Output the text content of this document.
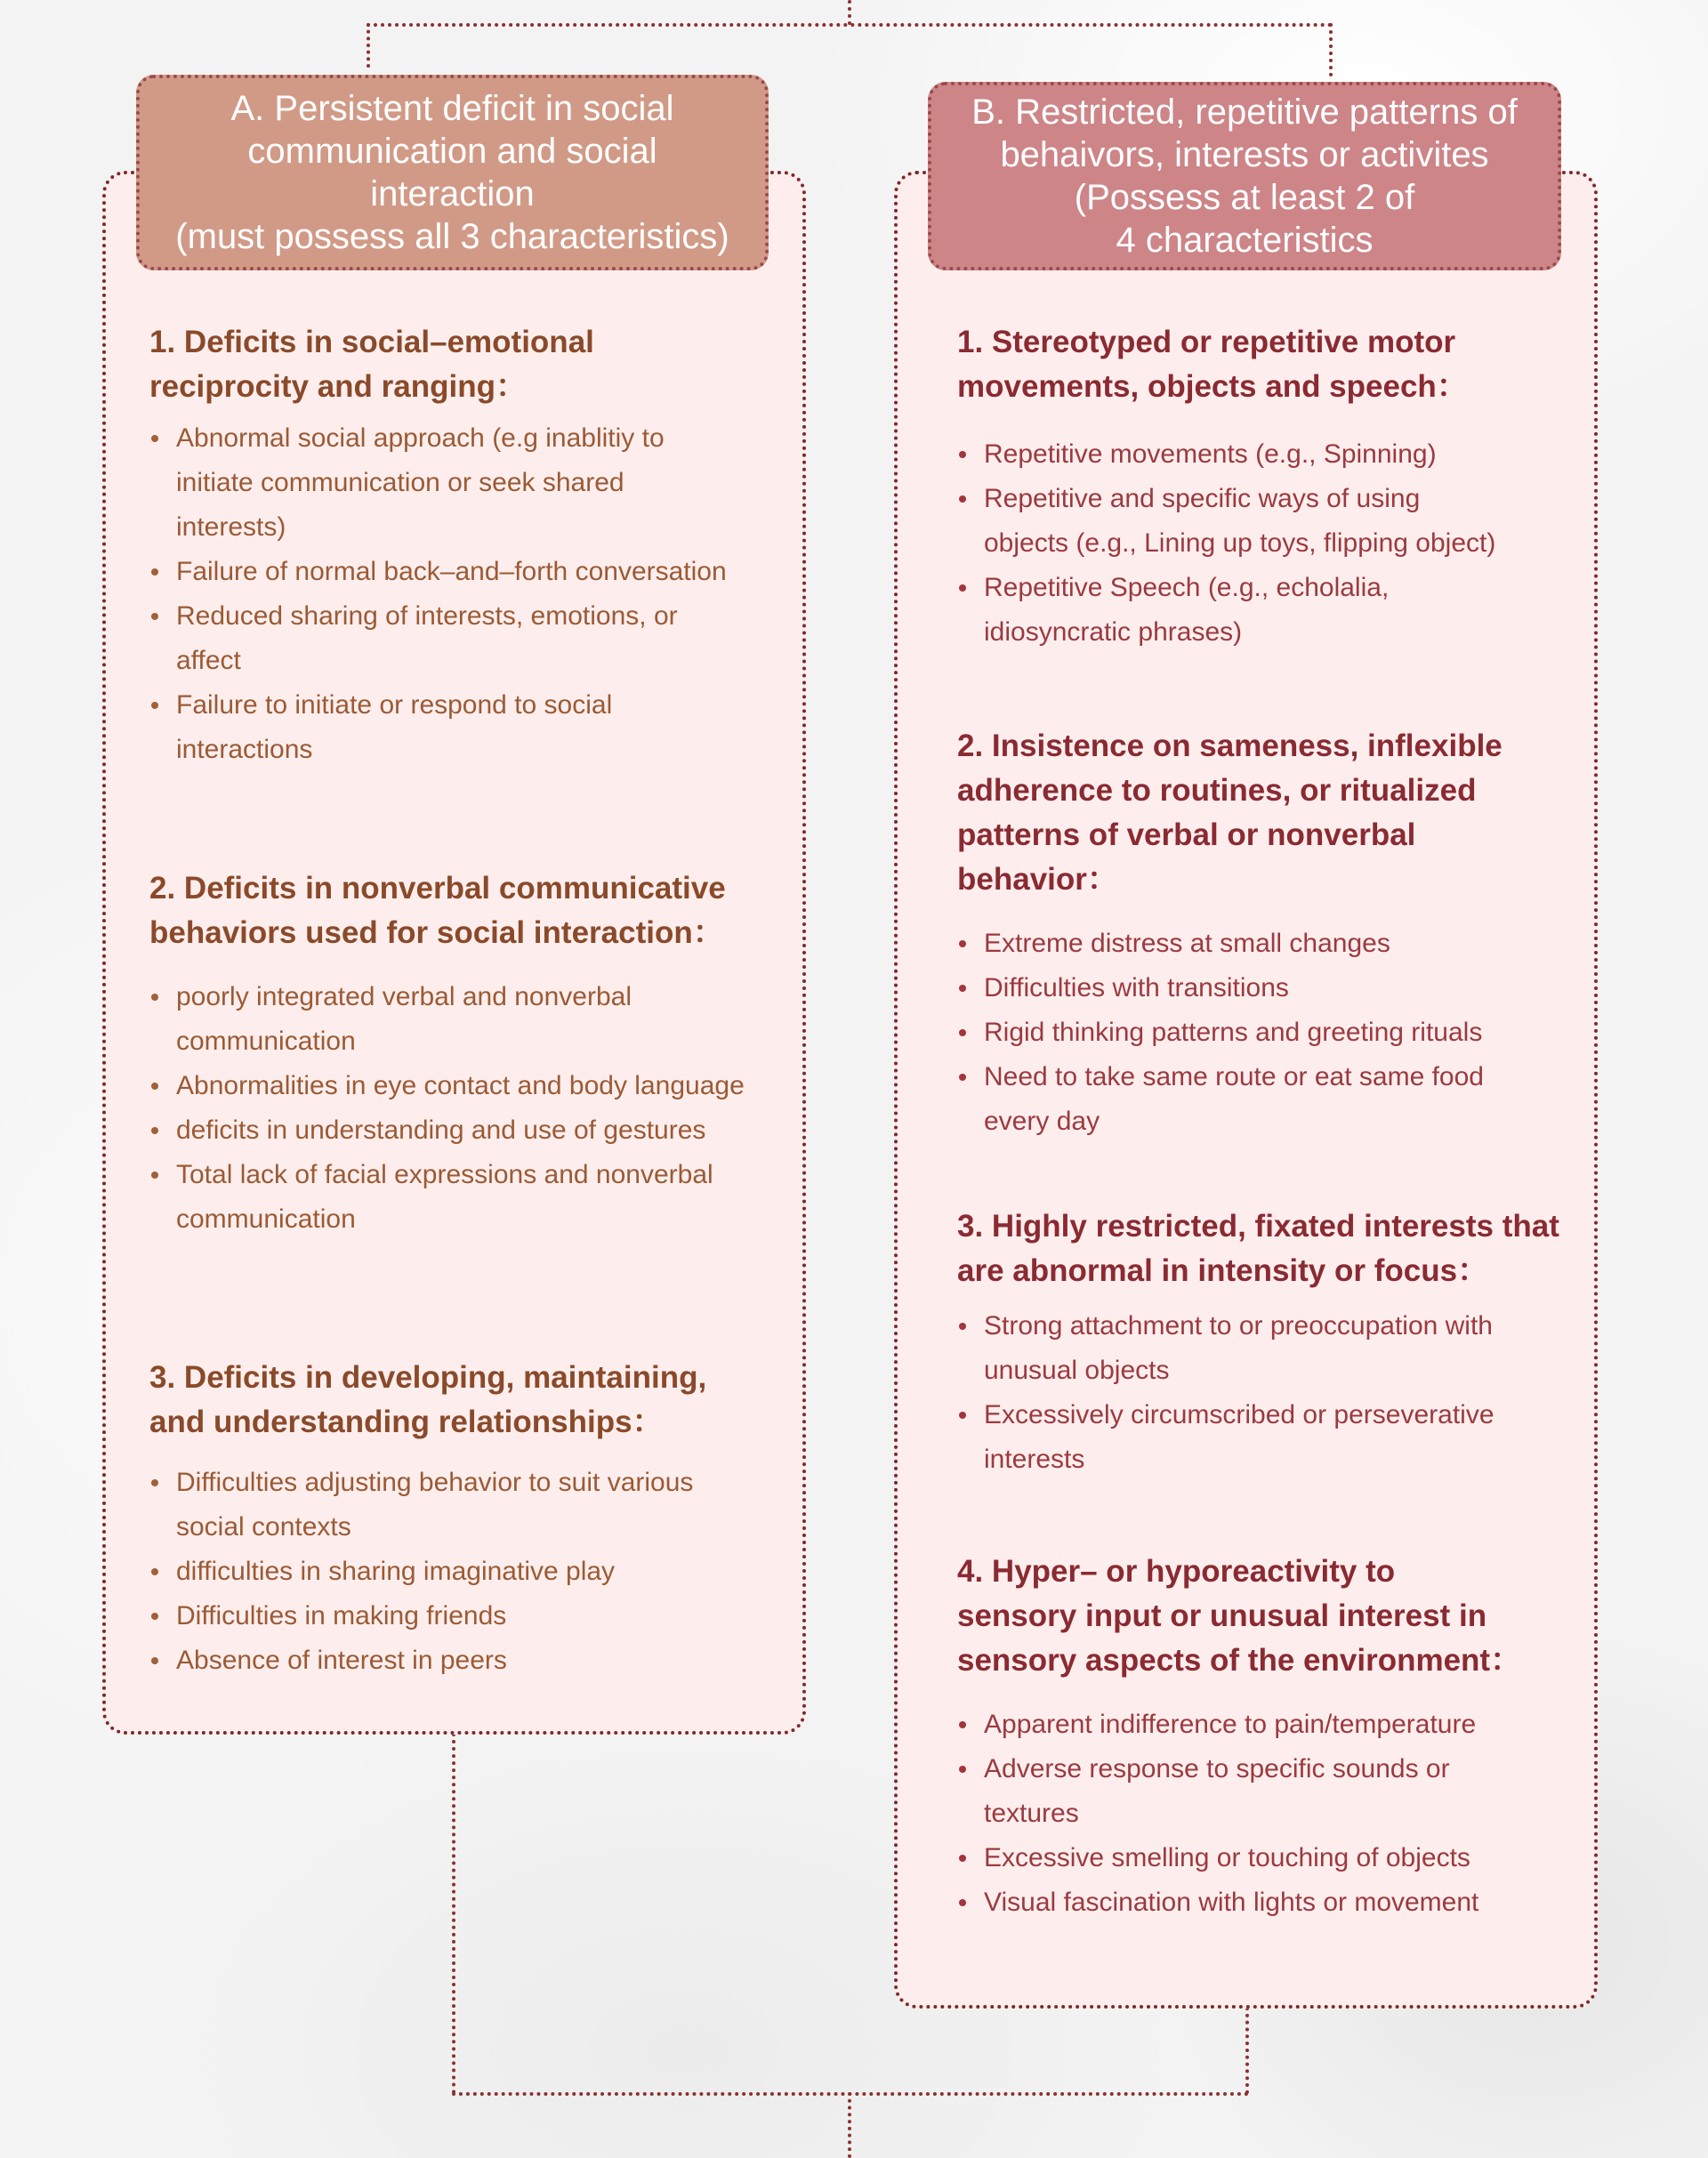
A. Persistent deficit in social
communication and social
interaction
(must possess all 3 characteristics)

1. Deficits in social–emotional
reciprocity and ranging：

Abnormal social approach (e.g inablitiy to
initiate communication or seek shared
interests)
Failure of normal back–and–forth conversation
Reduced sharing of interests, emotions, or
affect
Failure to initiate or respond to social
interactions

2. Deficits in nonverbal communicative
behaviors used for social interaction：

poorly integrated verbal and nonverbal
communication
Abnormalities in eye contact and body language
deficits in understanding and use of gestures
Total lack of facial expressions and nonverbal
communication

3. Deficits in developing, maintaining,
and understanding relationships：

Difficulties adjusting behavior to suit various
social contexts
difficulties in sharing imaginative play
Difficulties in making friends
Absence of interest in peers
B. Restricted, repetitive patterns of
behaivors, interests or activites
(Possess at least 2 of
4 characteristics

1. Stereotyped or repetitive motor
movements, objects and speech：

Repetitive movements (e.g., Spinning)
Repetitive and specific ways of using
objects (e.g., Lining up toys, flipping object)
Repetitive Speech (e.g., echolalia,
idiosyncratic phrases)

2. Insistence on sameness, inflexible
adherence to routines, or ritualized
patterns of verbal or nonverbal
behavior：

Extreme distress at small changes
Difficulties with transitions
Rigid thinking patterns and greeting rituals
Need to take same route or eat same food
every day

3. Highly restricted, fixated interests that
are abnormal in intensity or focus：

Strong attachment to or preoccupation with
unusual objects
Excessively circumscribed or perseverative
interests

4. Hyper– or hyporeactivity to
sensory input or unusual interest in
sensory aspects of the environment：

Apparent indifference to pain/temperature
Adverse response to specific sounds or
textures
Excessive smelling or touching of objects
Visual fascination with lights or movement
